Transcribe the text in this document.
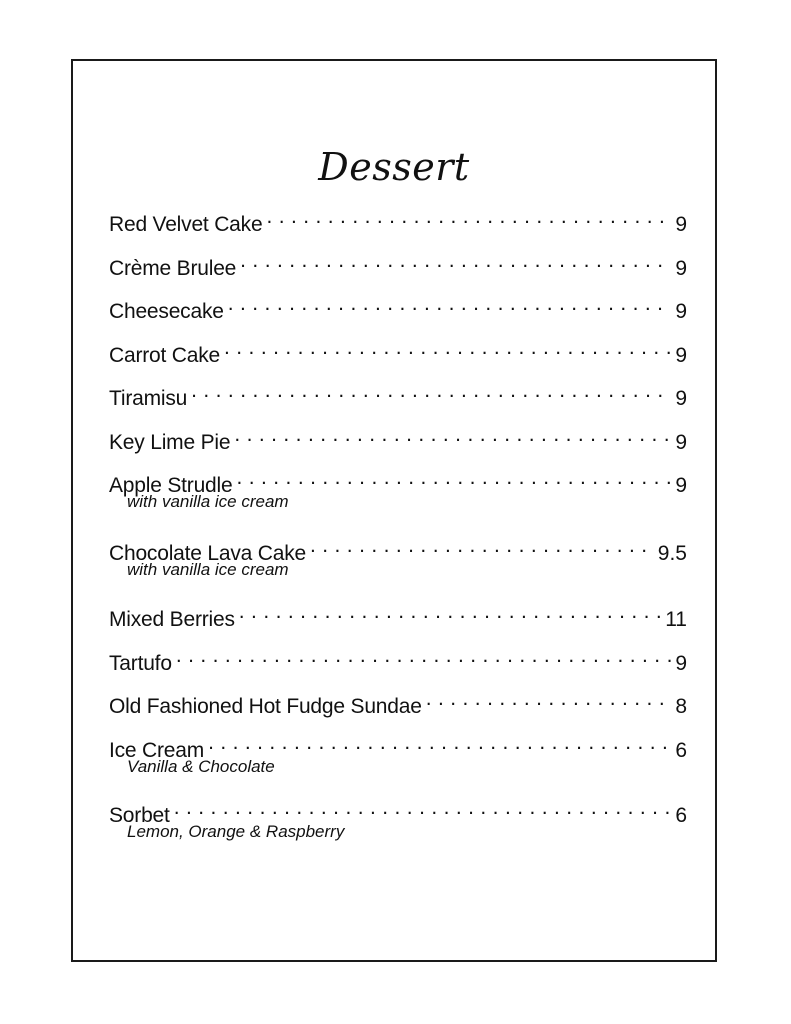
Dessert
Red Velvet Cake . . .	9
Crème Brulee . . .	9
Cheesecake . . .	9
Carrot Cake . . .	9
Tiramisu . . .	9
Key Lime Pie . . .	9
Apple Strudle . . .	9
with vanilla ice cream
Chocolate Lava Cake . . .	9.5
with vanilla ice cream
Mixed Berries . . .	11
Tartufo . . .	9
Old Fashioned Hot Fudge Sundae . . .	8
Ice Cream . . .	6
Vanilla & Chocolate
Sorbet . . .	6
Lemon, Orange & Raspberry
